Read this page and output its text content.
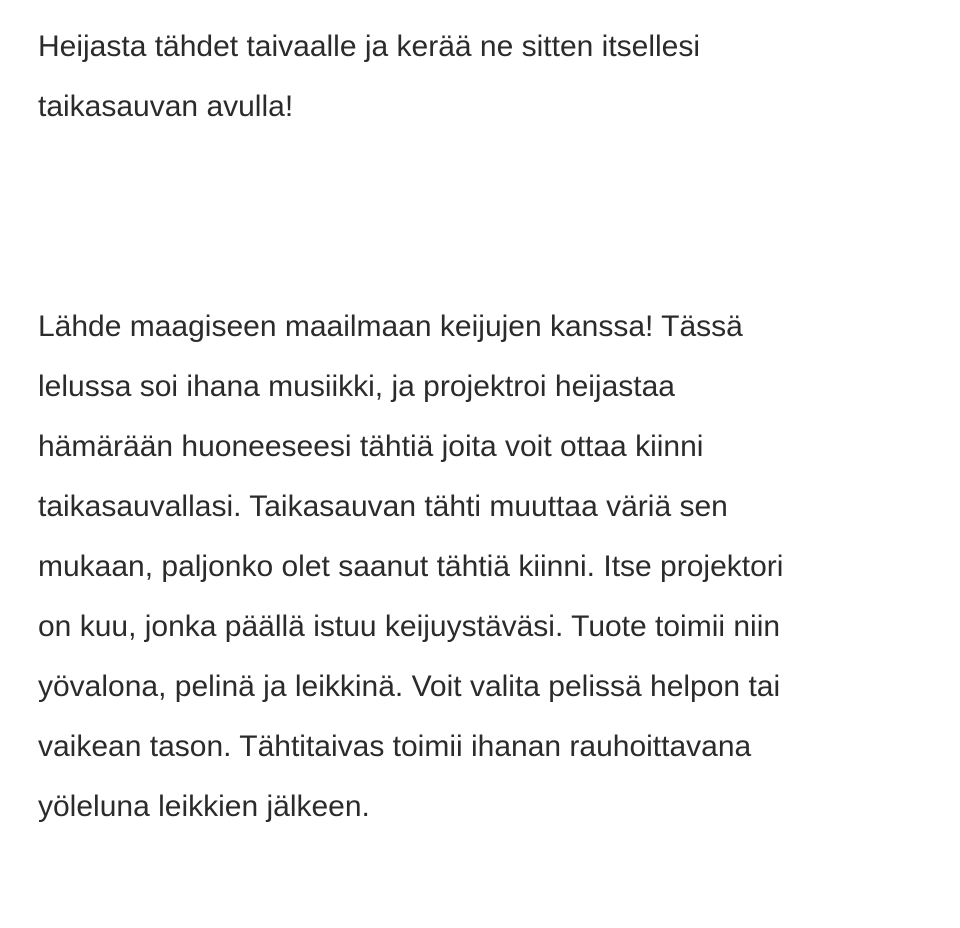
Heijasta tähdet taivaalle ja kerää ne sitten itsellesi
taikasauvan avulla!

Lähde maagiseen maailmaan keijujen kanssa! Tässä
lelussa soi ihana musiikki, ja projektroi heijastaa
hämärään huoneeseesi tähtiä joita voit ottaa kiinni
taikasauvallasi. Taikasauvan tähti muuttaa väriä sen
mukaan, paljonko olet saanut tähtiä kiinni. Itse projektori
on kuu, jonka päällä istuu keijuystäväsi. Tuote toimii niin
yövalona, pelinä ja leikkinä. Voit valita pelissä helpon tai
vaikean tason. Tähtitaivas toimii ihanan rauhoittavana
yöleluna leikkien jälkeen.
